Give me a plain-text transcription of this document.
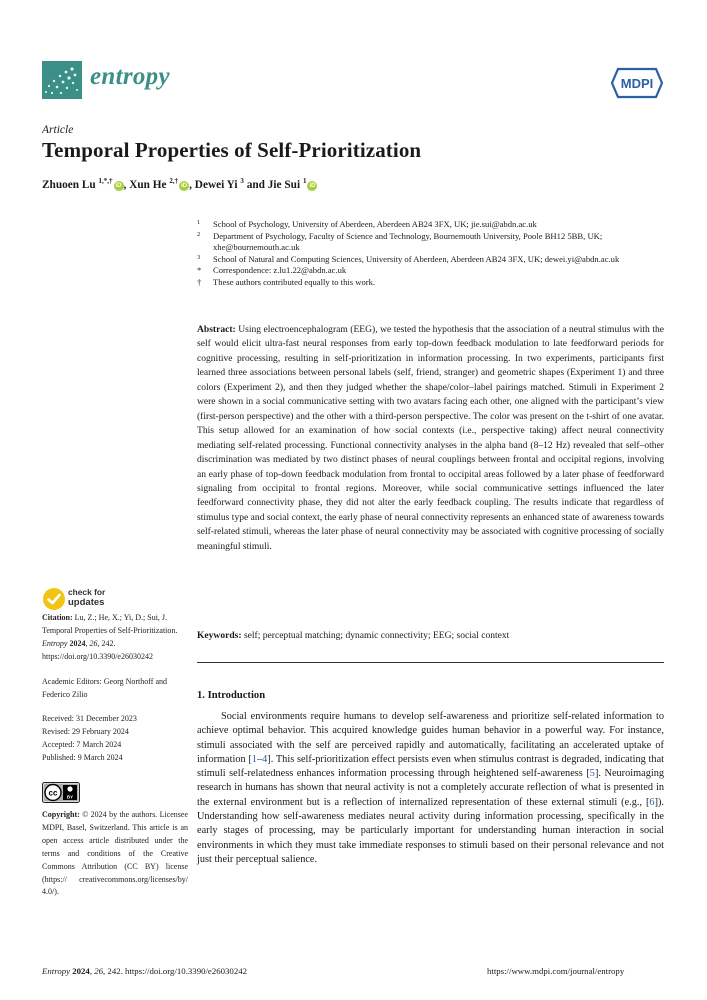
entropy	MDPI
Article
Temporal Properties of Self-Prioritization
Zhuoen Lu $^{1,*,\dagger}$iD , Xun He $^{2,\dagger}$iD , Dewei Yi $^3$ and Jie Sui $^1$iD
1 School of Psychology, University of Aberdeen, Aberdeen AB24 3FX, UK; jie.sui@abdn.ac.uk
2 Department of Psychology, Faculty of Science and Technology, Bournemouth University, Poole BH12 5BB, UK; xhe@bournemouth.ac.uk
3 School of Natural and Computing Sciences, University of Aberdeen, Aberdeen AB24 3FX, UK; dewei.yi@abdn.ac.uk
* Correspondence: z.lu1.22@abdn.ac.uk
† These authors contributed equally to this work.
Abstract: Using electroencephalogram (EEG), we tested the hypothesis that the association of a neutral stimulus with the self would elicit ultra-fast neural responses from early top-down feedback modulation to late feedforward periods for cognitive processing, resulting in self-prioritization in information processing. In two experiments, participants first learned three associations between personal labels (self, friend, stranger) and geometric shapes (Experiment 1) and three colors (Experiment 2), and then they judged whether the shape/color–label pairings matched. Stimuli in Experiment 2 were shown in a social communicative setting with two avatars facing each other, one aligned with the participant’s view (first-person perspective) and the other with a third-person perspective. The color was present on the t-shirt of one avatar. This setup allowed for an examination of how social contexts (i.e., perspective taking) affect neural connectivity mediating self-related processing. Functional connectivity analyses in the alpha band (8–12 Hz) revealed that self–other discrimination was mediated by two distinct phases of neural couplings between frontal and occipital regions, involving an early phase of top-down feedback modulation from frontal to occipital areas followed by a later phase of feedforward signaling from occipital to frontal regions. Moreover, while social communicative settings influenced the later feedforward connectivity phase, they did not alter the early feedback coupling. The results indicate that regardless of stimulus type and social context, the early phase of neural connectivity represents an enhanced state of awareness towards self-related stimuli, whereas the later phase of neural connectivity may be associated with cognitive processing of socially meaningful stimuli.
Keywords: self; perceptual matching; dynamic connectivity; EEG; social context
1. Introduction

Social environments require humans to develop self-awareness and prioritize self-related information to achieve optimal behavior. This acquired knowledge guides human behavior in a powerful way. For instance, stimuli associated with the self are perceived rapidly and automatically, facilitating an accelerated uptake of information [1–4]. This self-prioritization effect persists even when stimulus contrast is degraded, indicating that stimuli self-relatedness enhances information processing through heightened self-awareness [5]. Neuroimaging research in humans has shown that neural activity is not a completely accurate reflection of what is presented in the external environment but is a reflection of internalized representation of these external stimuli (e.g., [6]). Understanding how self-awareness mediates neural activity during information processing, specifically in the early stages of processing, may be particularly important for understanding human interaction in social environments in which they must take immediate responses to stimuli based on their personal relevance and not just their perceptual salience.

check for
updates
Citation: Lu, Z.; He, X.; Yi, D.; Sui, J. Temporal Properties of Self-Prioritization. Entropy 2024, 26, 242. https://doi.org/10.3390/e26030242
Academic Editors: Georg Northoff and Federico Zilio
Received: 31 December 2023
Revised: 29 February 2024
Accepted: 7 March 2024
Published: 9 March 2024
cc BY
Copyright: © 2024 by the authors. Licensee MDPI, Basel, Switzerland. This article is an open access article distributed under the terms and conditions of the Creative Commons Attribution (CC BY) license (https:// creativecommons.org/licenses/by/ 4.0/).
Entropy 2024, 26, 242. https://doi.org/10.3390/e26030242	https://www.mdpi.com/journal/entropy
